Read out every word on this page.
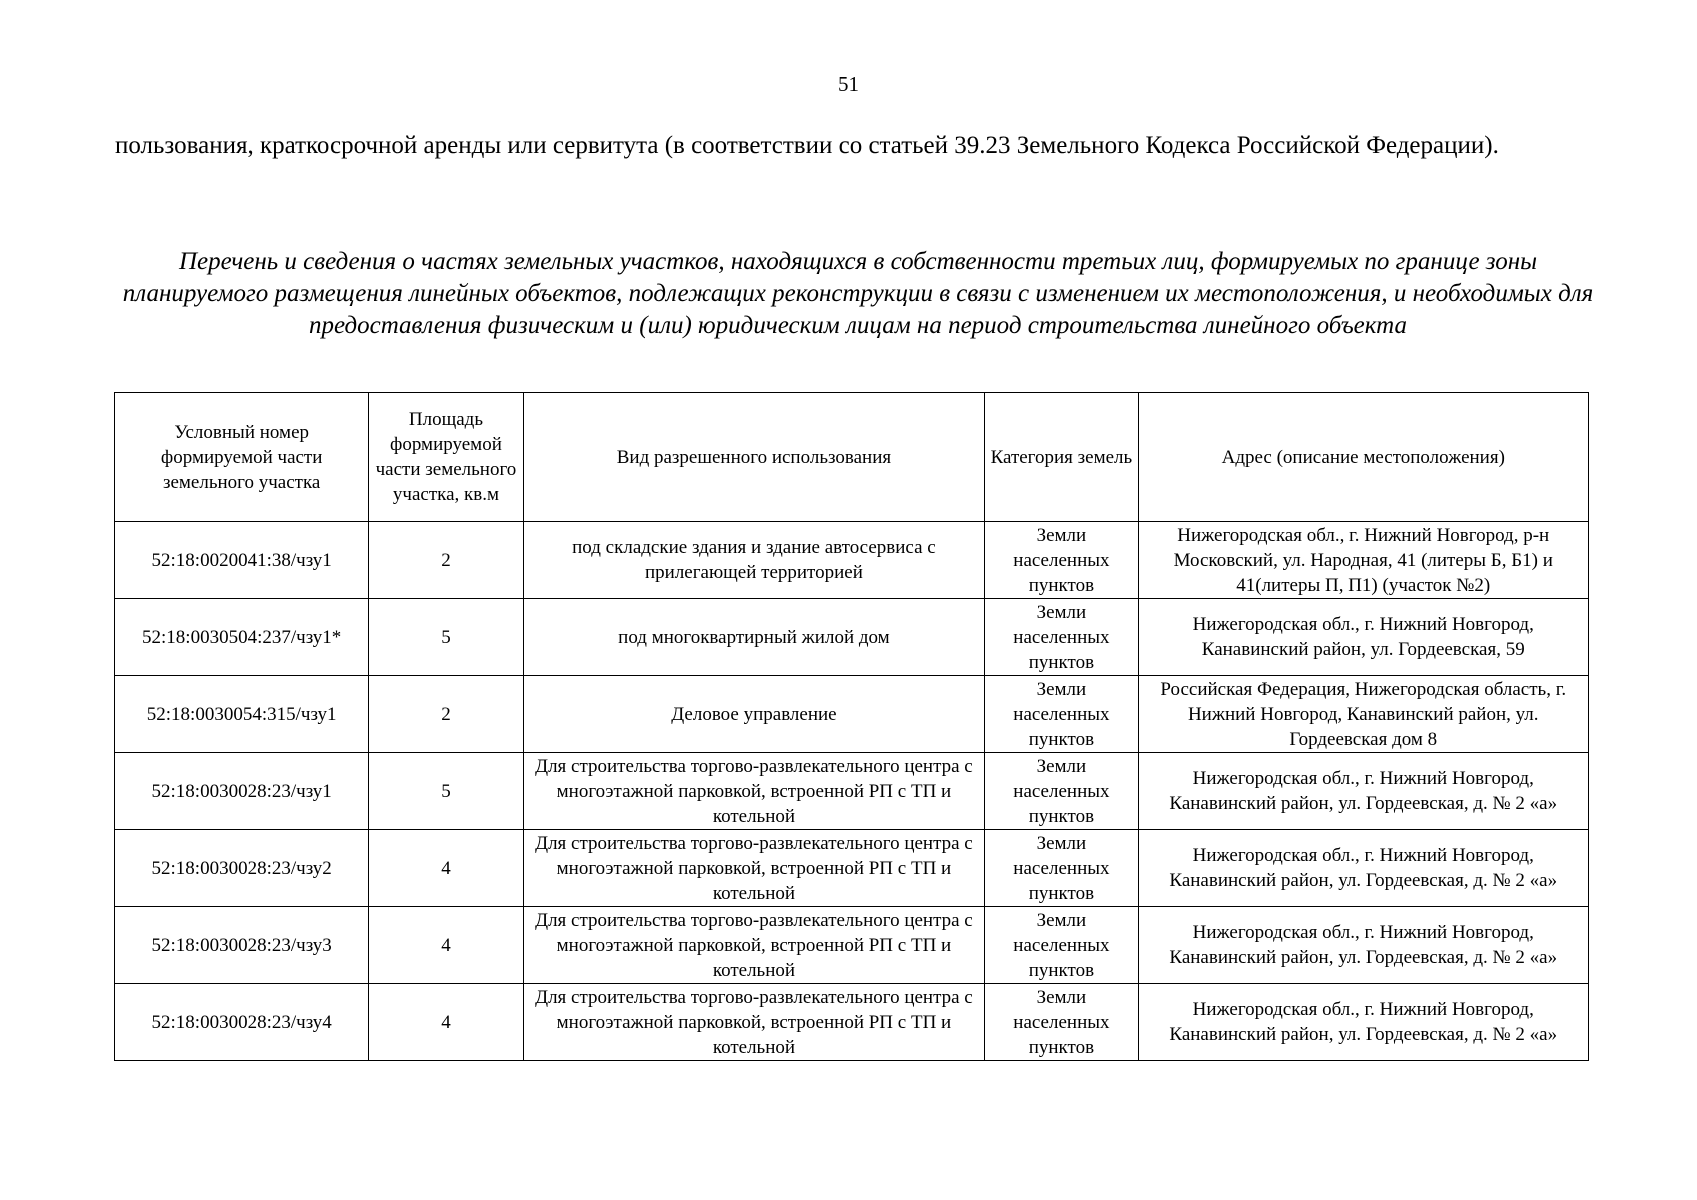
51

пользования, краткосрочной аренды или сервитута (в соответствии со статьей 39.23 Земельного Кодекса Российской Федерации).

Перечень и сведения о частях земельных участков, находящихся в собственности третьих лиц, формируемых по границе зоны планируемого размещения линейных объектов, подлежащих реконструкции в связи с изменением их местоположения, и необходимых для предоставления физическим и (или) юридическим лицам на период строительства линейного объекта

Условный номер формируемой части земельного участка	Площадь формируемой части земельного участка, кв.м	Вид разрешенного использования	Категория земель	Адрес (описание местоположения)
52:18:0020041:38/чзу1	2	под складские здания и здание автосервиса с прилегающей территорией	Земли населенных пунктов	Нижегородская обл., г. Нижний Новгород, р-н Московский, ул. Народная, 41 (литеры Б, Б1) и 41(литеры П, П1) (участок №2)
52:18:0030504:237/чзу1*	5	под многоквартирный жилой дом	Земли населенных пунктов	Нижегородская обл., г. Нижний Новгород, Канавинский район, ул. Гордеевская, 59
52:18:0030054:315/чзу1	2	Деловое управление	Земли населенных пунктов	Российская Федерация, Нижегородская область, г. Нижний Новгород, Канавинский район, ул. Гордеевская дом 8
52:18:0030028:23/чзу1	5	Для строительства торгово-развлекательного центра с многоэтажной парковкой, встроенной РП с ТП и котельной	Земли населенных пунктов	Нижегородская обл., г. Нижний Новгород, Канавинский район, ул. Гордеевская, д. № 2 «а»
52:18:0030028:23/чзу2	4	Для строительства торгово-развлекательного центра с многоэтажной парковкой, встроенной РП с ТП и котельной	Земли населенных пунктов	Нижегородская обл., г. Нижний Новгород, Канавинский район, ул. Гордеевская, д. № 2 «а»
52:18:0030028:23/чзу3	4	Для строительства торгово-развлекательного центра с многоэтажной парковкой, встроенной РП с ТП и котельной	Земли населенных пунктов	Нижегородская обл., г. Нижний Новгород, Канавинский район, ул. Гордеевская, д. № 2 «а»
52:18:0030028:23/чзу4	4	Для строительства торгово-развлекательного центра с многоэтажной парковкой, встроенной РП с ТП и котельной	Земли населенных пунктов	Нижегородская обл., г. Нижний Новгород, Канавинский район, ул. Гордеевская, д. № 2 «а»
